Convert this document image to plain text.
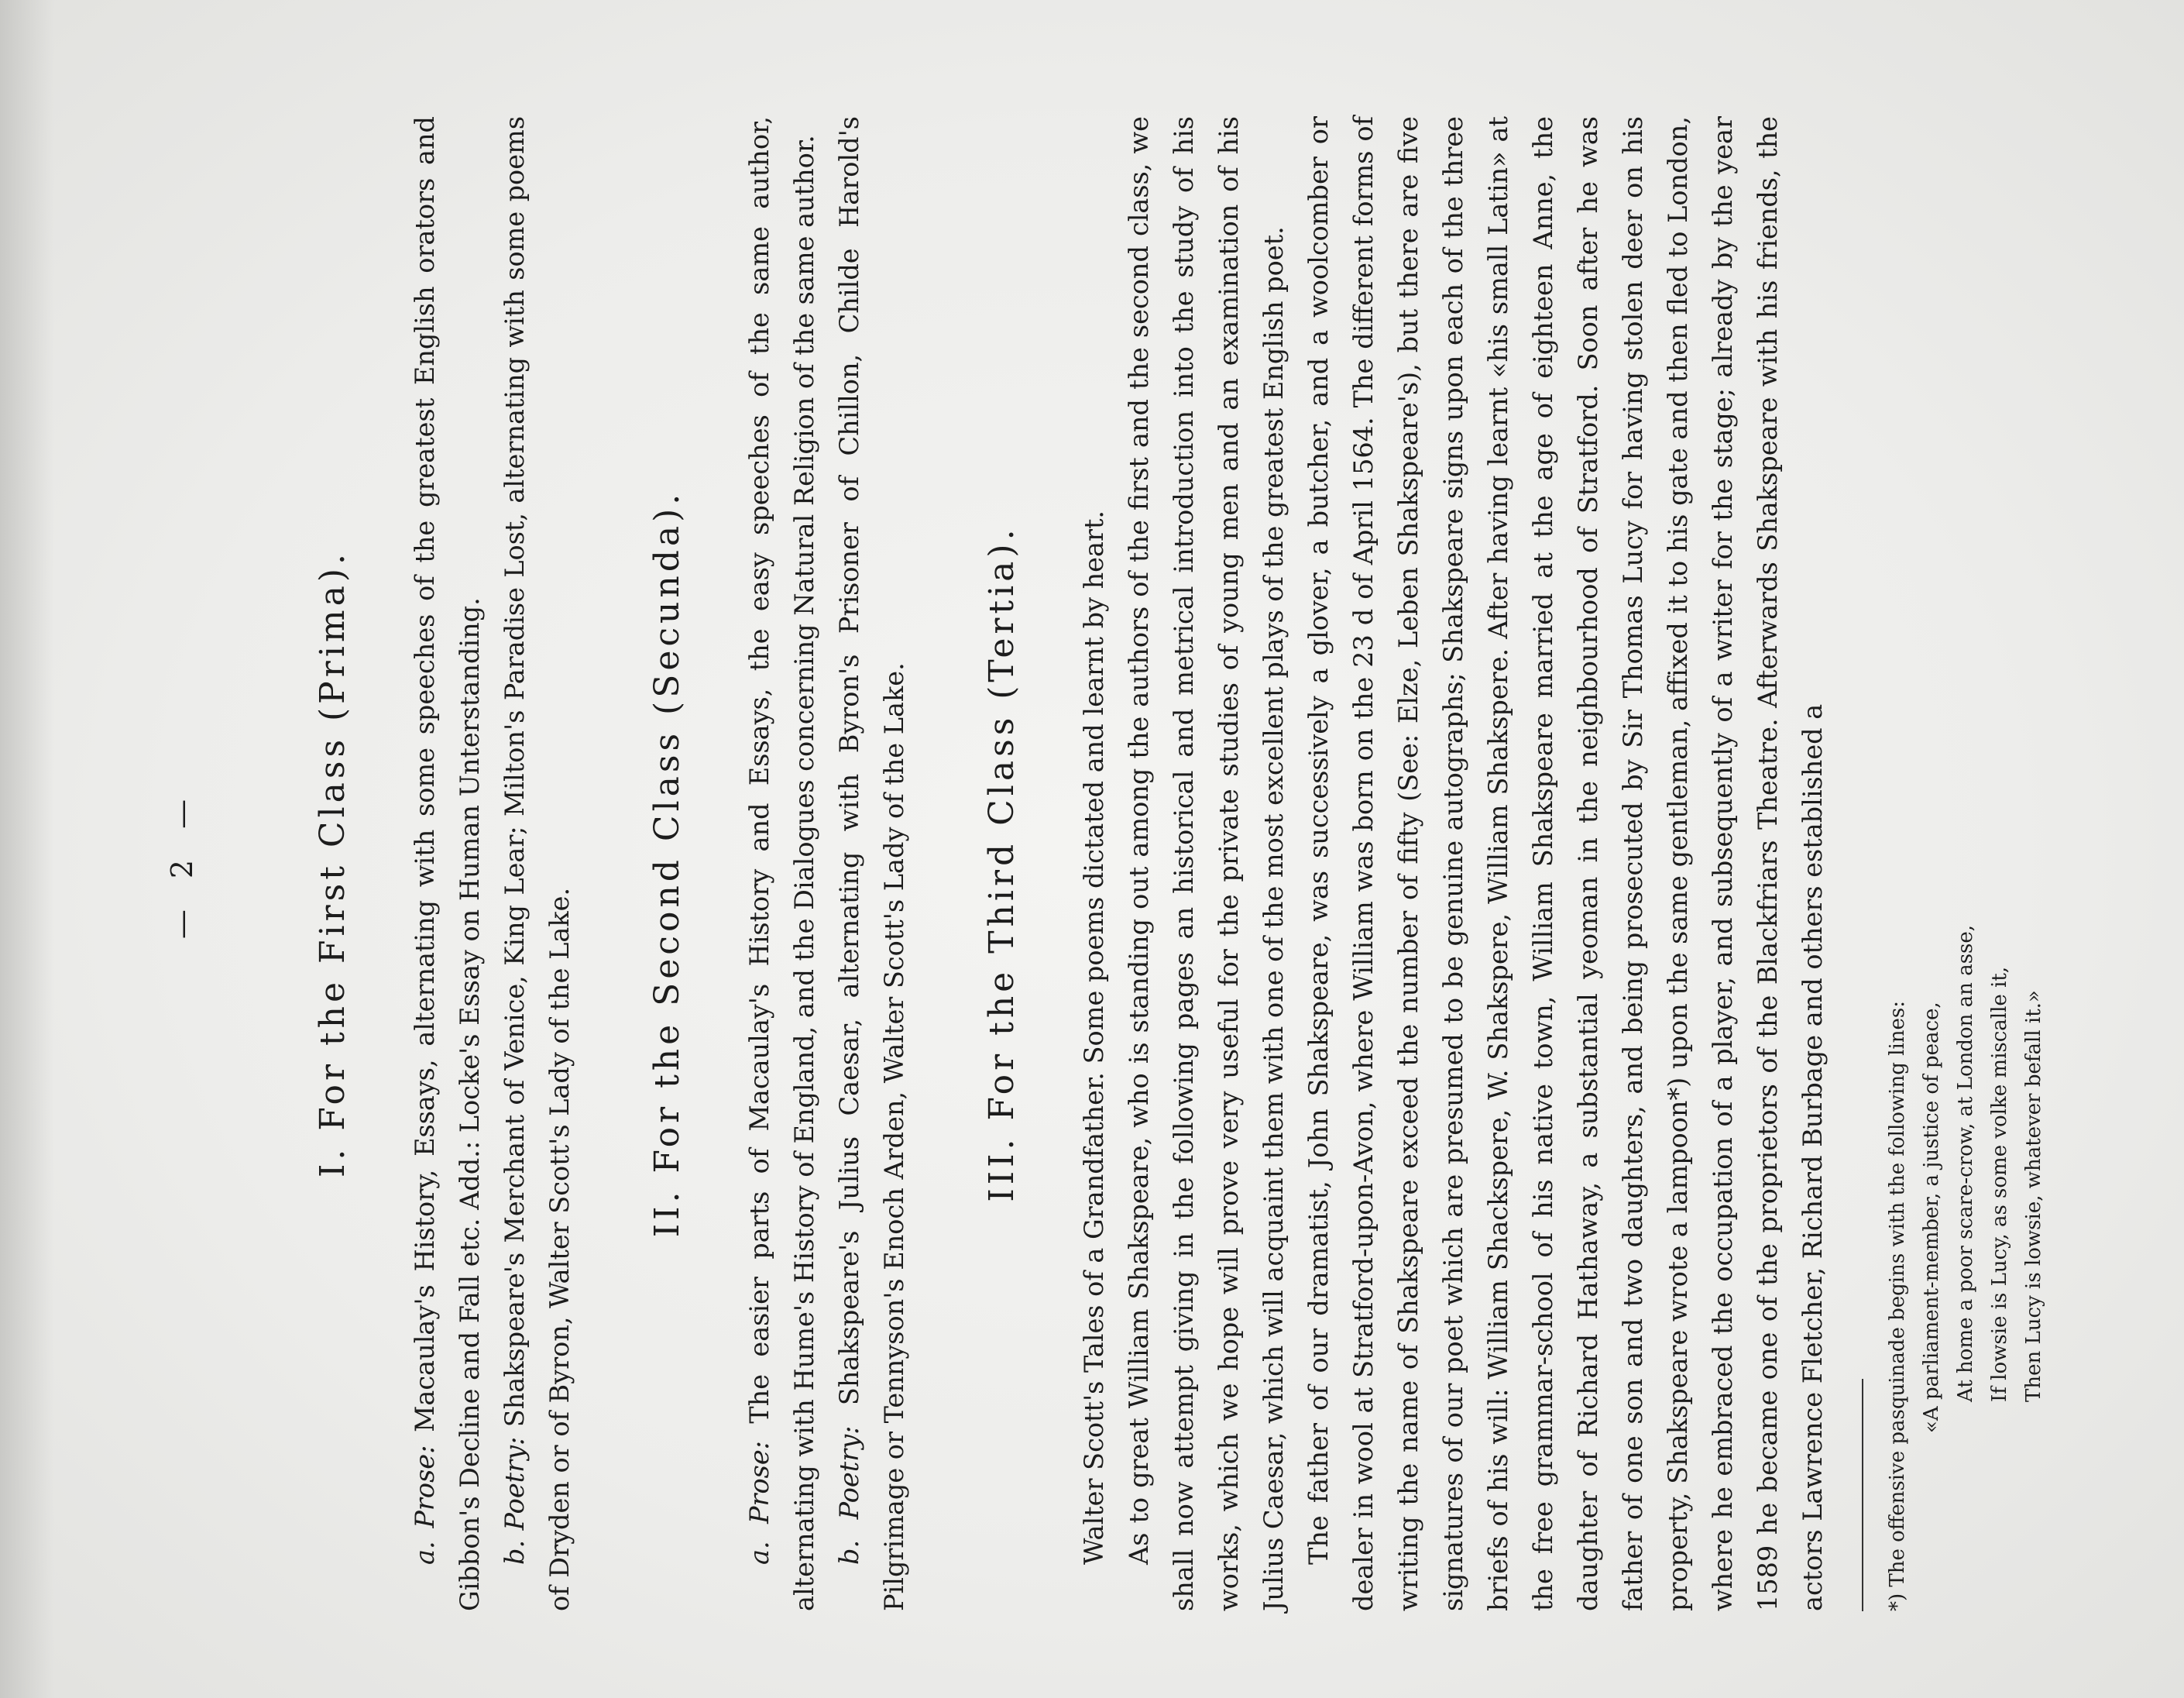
— 2 —	I. For the First Class (Prima).

a. Prose: Macaulay's History, Essays, alternating with some speeches of the greatest English orators and Gibbon's Decline and Fall etc. Add.: Locke's Essay on Human Unterstanding. b. Poetry: Shakspeare's Merchant of Venice, King Lear; Milton's Paradise Lost, alternating with some poems of Dryden or of Byron, Walter Scott's Lady of the Lake.

II. For the Second Class (Secunda).

a. Prose: The easier parts of Macaulay's History and Essays, the easy speeches of the same author, alternating with Hume's History of England, and the Dialogues concerning Natural Religion of the same author. b. Poetry: Shakspeare's Julius Caesar, alternating with Byron's Prisoner of Chillon, Childe Harold's Pilgrimage or Tennyson's Enoch Arden, Walter Scott's Lady of the Lake.	III. For the Third Class (Tertia).	Walter Scott's Tales of a Grandfather. Some poems dictated and learnt by heart. As to great William Shakspeare, who is standing out among the authors of the first and the second class, we shall now attempt giving in the following pages an historical and metrical introduction into the study of his works, which we hope will prove very useful for the private studies of young men and an examination of his Julius Caesar, which will acquaint them with one of the most excellent plays of the greatest English poet. The father of our dramatist, John Shakspeare, was successively a glover, a butcher, and a woolcomber or dealer in wool at Stratford-upon-Avon, where William was born on the 23 d of April 1564. The different forms of writing the name of Shakspeare exceed the number of fifty (See: Elze, Leben Shakspeare's), but there are five signatures of our poet which are presumed to be genuine autographs; Shakspeare signs upon each of the three briefs of his will: William Shackspere, W. Shakspere, William Shakspere. After having learnt «his small Latin» at the free grammar-school of his native town, William Shakspeare married at the age of eighteen Anne, the daughter of Richard Hathaway, a substantial yeoman in the neighbourhood of Stratford. Soon after he was father of one son and two daughters, and being prosecuted by Sir Thomas Lucy for having stolen deer on his property, Shakspeare wrote a lampoon*) upon the same gentleman, affixed it to his gate and then fled to London, where he embraced the occupation of a player, and subsequently of a writer for the stage; already by the year 1589 he became one of the proprietors of the Blackfriars Theatre. Afterwards Shakspeare with his friends, the actors Lawrence Fletcher, Richard Burbage and others established a	*) The offensive pasquinade begins with the following lines: «A parliament-member, a justice of peace, At home a poor scare-crow, at London an asse, If lowsie is Lucy, as some volke miscalle it, Then Lucy is lowsie, whatever befall it.»
